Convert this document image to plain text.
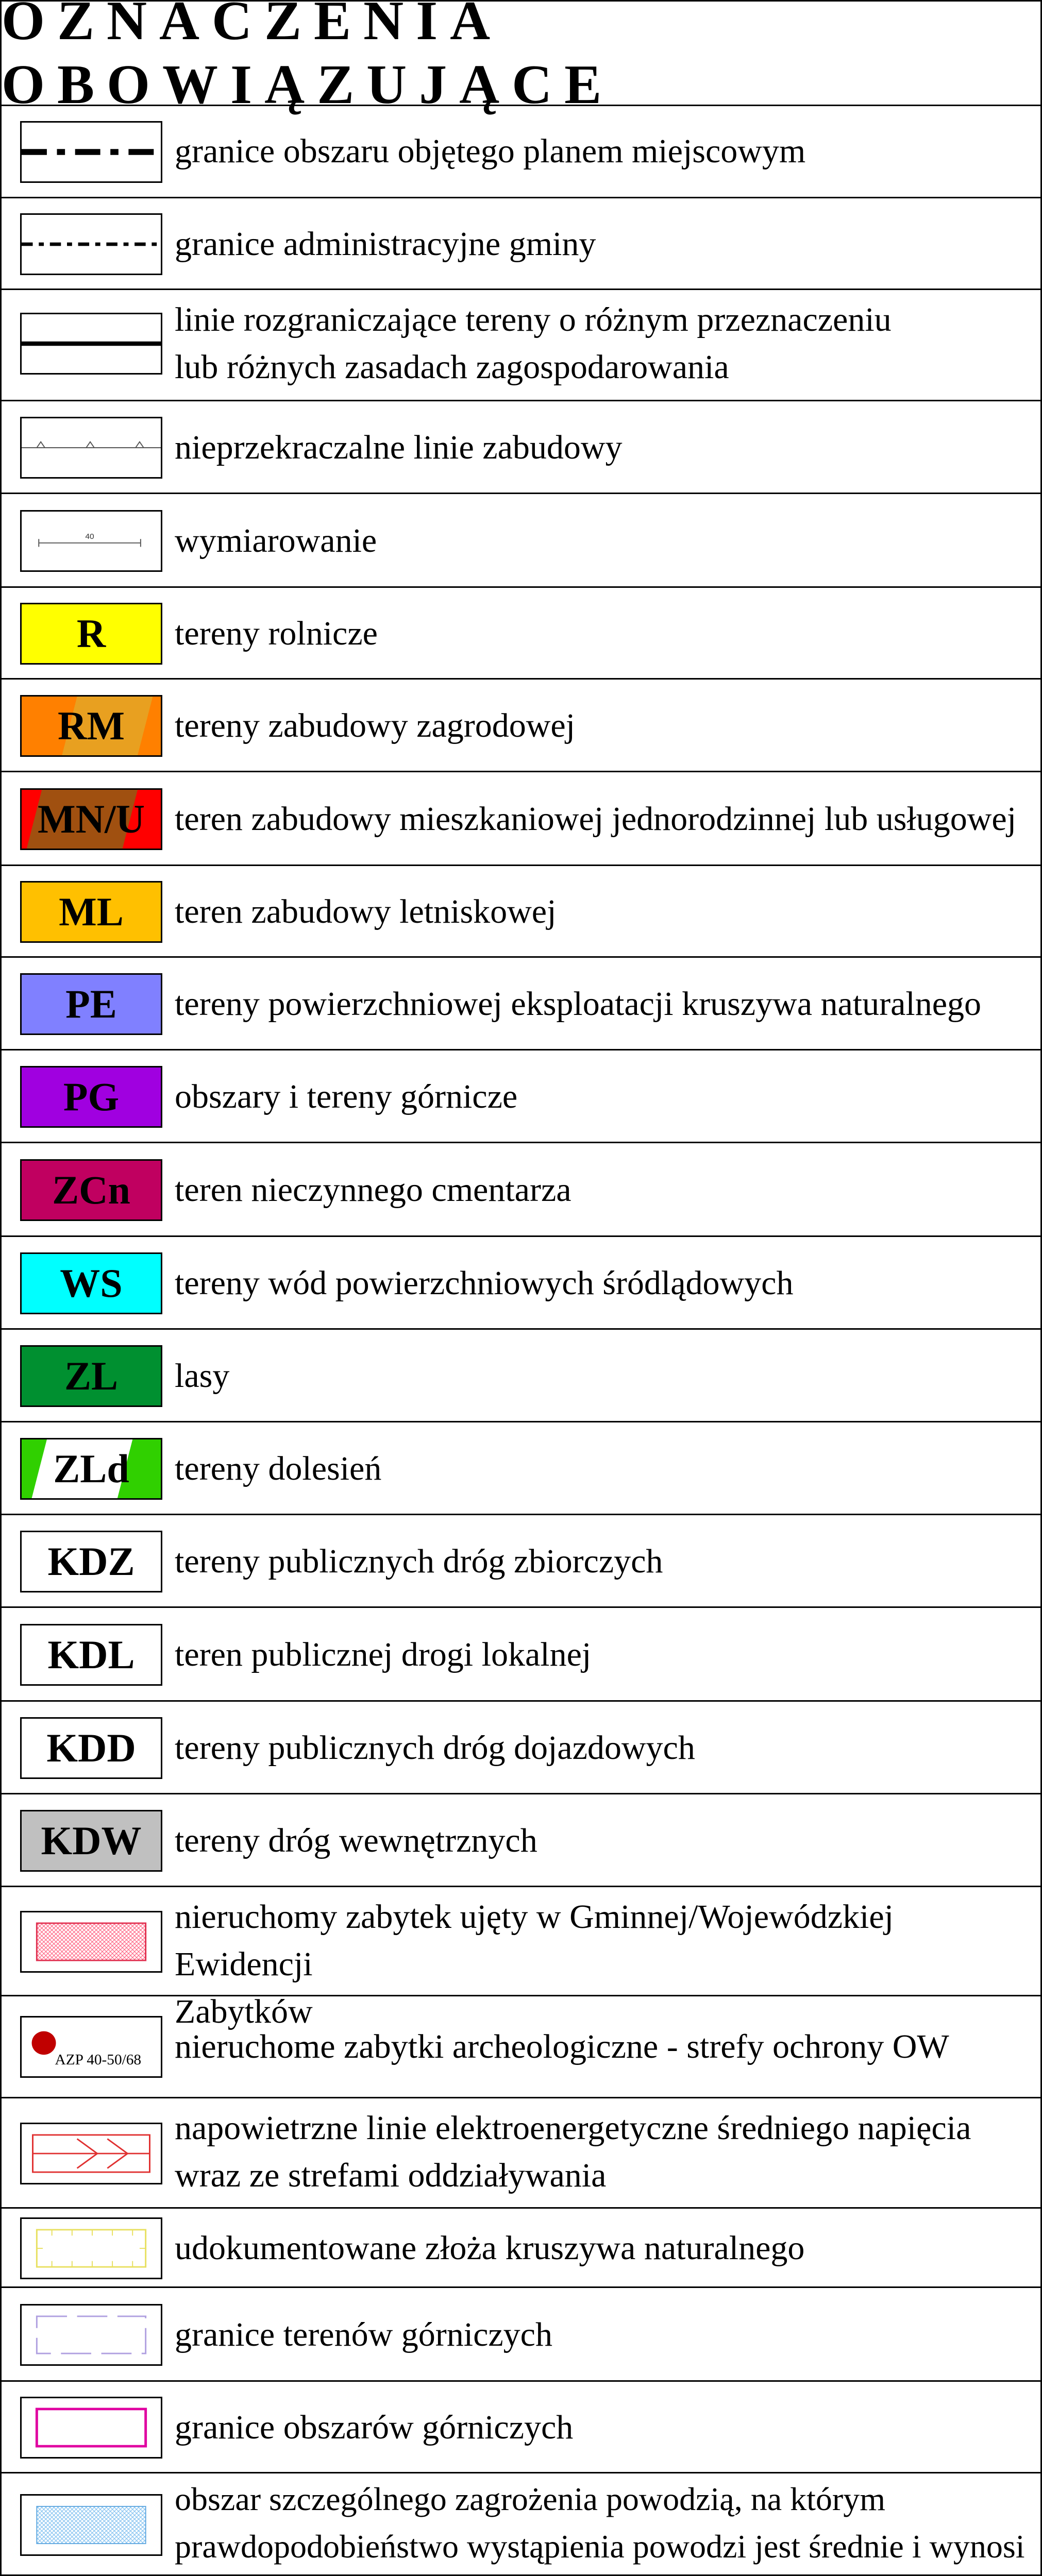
OZNACZENIA OBOWIĄZUJĄCE
granice obszaru objętego planem miejscowym
granice administracyjne gminy
linie rozgraniczające tereny o różnym przeznaczeniu
lub różnych zasadach zagospodarowania
nieprzekraczalne linie zabudowy
40 wymiarowanie
R	tereny rolnicze
RM	tereny zabudowy zagrodowej
MN/U teren zabudowy mieszkaniowej jednorodzinnej lub usługowej
ML	teren zabudowy letniskowej
PE	tereny powierzchniowej eksploatacji kruszywa naturalnego
PG	obszary i tereny górnicze
ZCn	teren nieczynnego cmentarza
WS	tereny wód powierzchniowych śródlądowych
ZL	lasy
ZLd	tereny dolesień
KDZ	tereny publicznych dróg zbiorczych
KDL	teren publicznej drogi lokalnej
KDD	tereny publicznych dróg dojazdowych
KDW tereny dróg wewnętrznych
nieruchomy zabytek ujęty w Gminnej/Wojewódzkiej Ewidencji
Zabytków
AZP 40-50/68 nieruchome zabytki archeologiczne - strefy ochrony OW
napowietrzne linie elektroenergetyczne średniego napięcia
wraz ze strefami oddziaływania
udokumentowane złoża kruszywa naturalnego
granice terenów górniczych
granice obszarów górniczych
obszar szczególnego zagrożenia powodzią, na którym
prawdopodobieństwo wystąpienia powodzi jest średnie i wynosi
